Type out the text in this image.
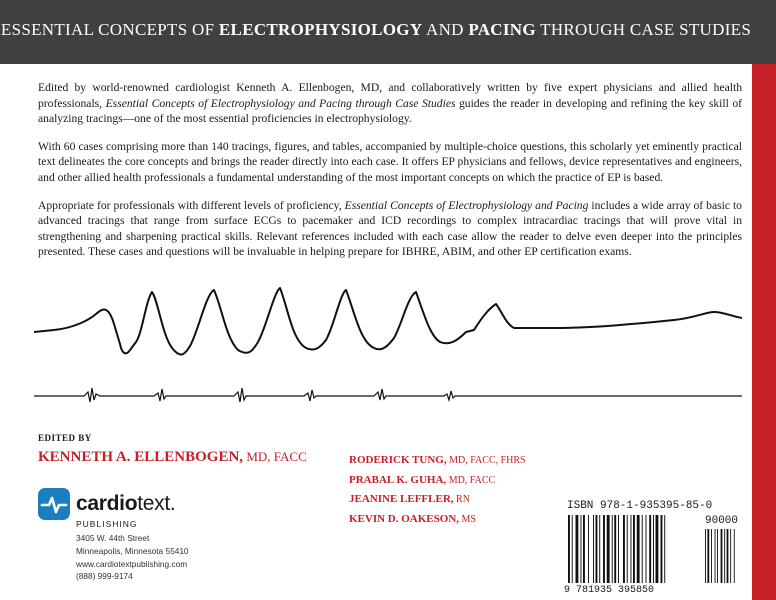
ESSENTIAL CONCEPTS OF ELECTROPHYSIOLOGY AND PACING THROUGH CASE STUDIES

Edited by world-renowned cardiologist Kenneth A. Ellenbogen, MD, and collaboratively written by five expert physicians and allied health professionals, Essential Concepts of Electrophysiology and Pacing through Case Studies guides the reader in developing and refining the key skill of analyzing tracings—one of the most essential proficiencies in electrophysiology.

With 60 cases comprising more than 140 tracings, figures, and tables, accompanied by multiple-choice questions, this scholarly yet eminently practical text delineates the core concepts and brings the reader directly into each case. It offers EP physicians and fellows, device representatives and engineers, and other allied health professionals a fundamental understanding of the most important concepts on which the practice of EP is based.

Appropriate for professionals with different levels of proficiency, Essential Concepts of Electrophysiology and Pacing includes a wide array of basic to advanced tracings that range from surface ECGs to pacemaker and ICD recordings to complex intracardiac tracings that will prove vital in strengthening and sharpening practical skills. Relevant references included with each case allow the reader to delve even deeper into the principles presented. These cases and questions will be invaluable in helping prepare for IBHRE, ABIM, and other EP certification exams.

EDITED BY
KENNETH A. ELLENBOGEN, MD, FACC	RODERICK TUNG, MD, FACC, FHRS
PRABAL K. GUHA, MD, FACC
JEANINE LEFFLER, RN
KEVIN D. OAKESON, MS
cardiotext.
PUBLISHING
3405 W. 44th Street
Minneapolis, Minnesota 55410
www.cardiotextpublishing.com
(888) 999-9174
ISBN 978-1-935395-85-0
90000
9 781935 395850
